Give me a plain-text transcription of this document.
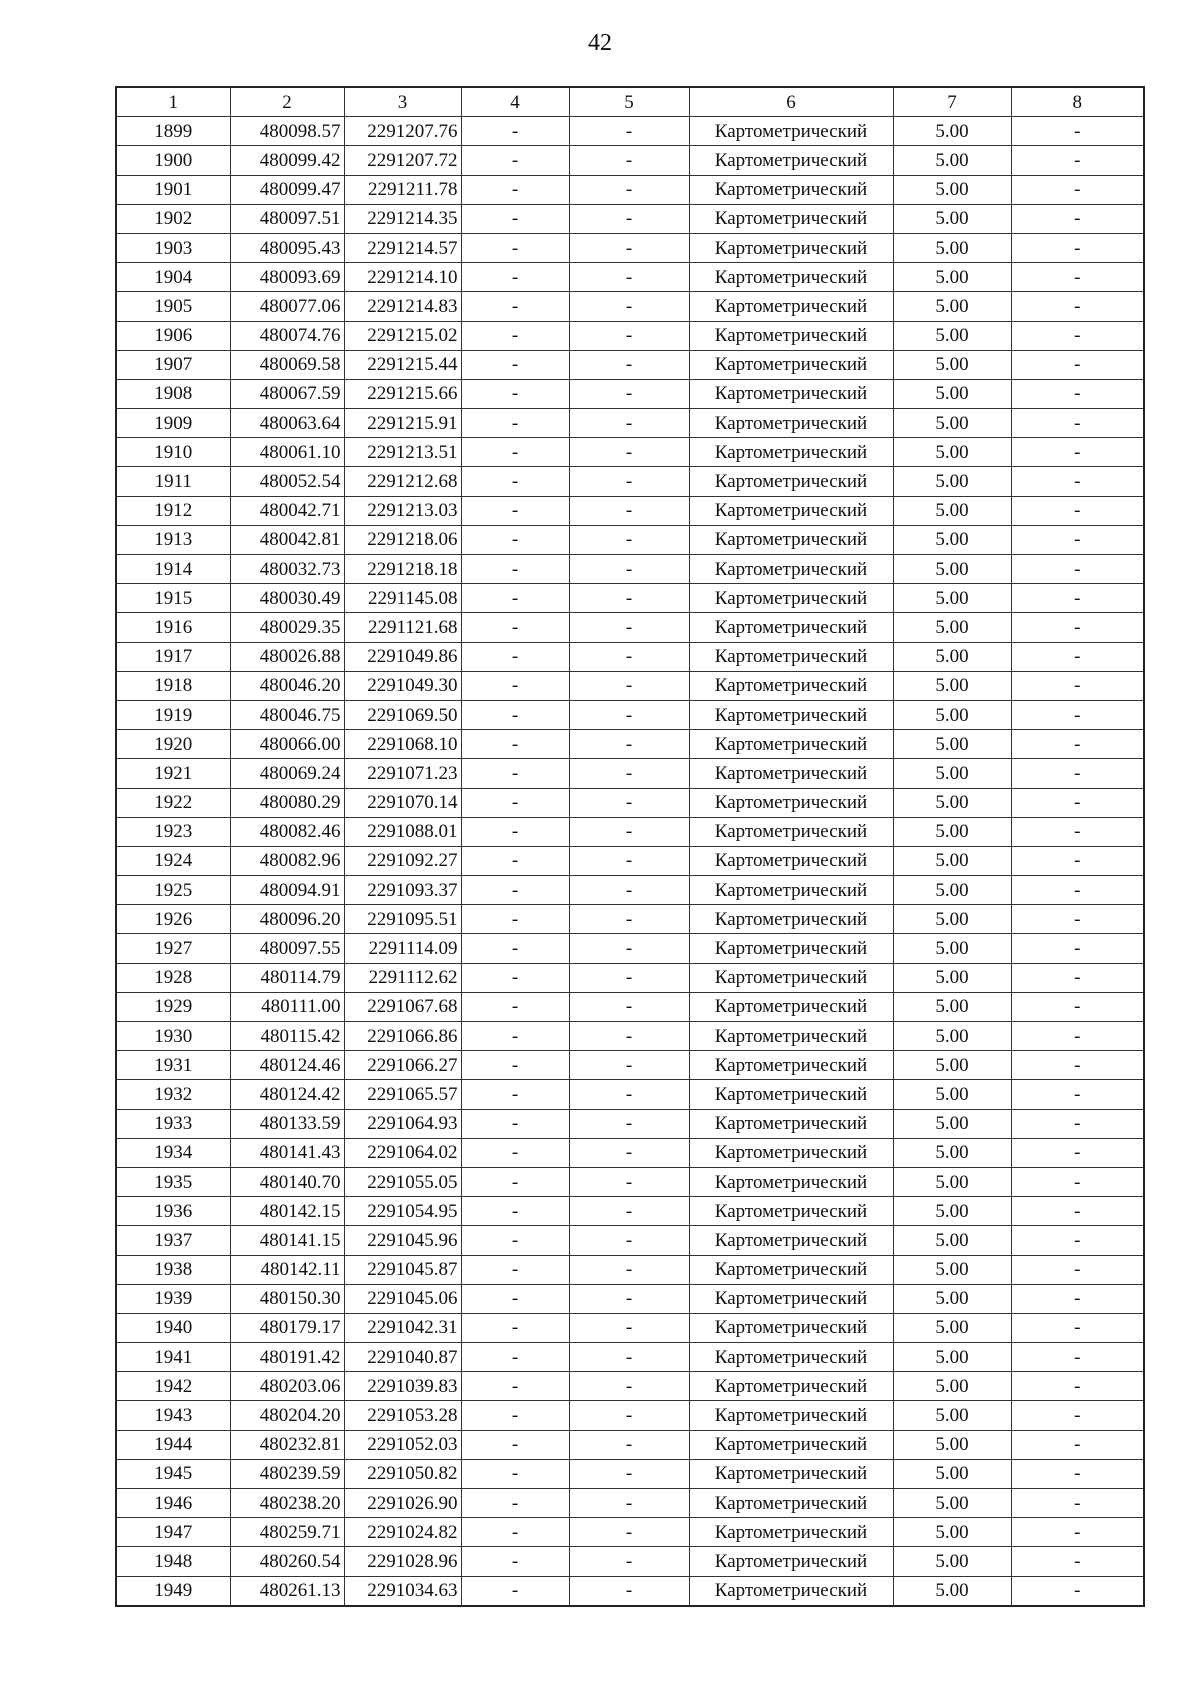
42
1	2	3	4	5	6	7	8
1899	480098.57	2291207.76	-	-	Картометрический	5.00	-
1900	480099.42	2291207.72	-	-	Картометрический	5.00	-
1901	480099.47	2291211.78	-	-	Картометрический	5.00	-
1902	480097.51	2291214.35	-	-	Картометрический	5.00	-
1903	480095.43	2291214.57	-	-	Картометрический	5.00	-
1904	480093.69	2291214.10	-	-	Картометрический	5.00	-
1905	480077.06	2291214.83	-	-	Картометрический	5.00	-
1906	480074.76	2291215.02	-	-	Картометрический	5.00	-
1907	480069.58	2291215.44	-	-	Картометрический	5.00	-
1908	480067.59	2291215.66	-	-	Картометрический	5.00	-
1909	480063.64	2291215.91	-	-	Картометрический	5.00	-
1910	480061.10	2291213.51	-	-	Картометрический	5.00	-
1911	480052.54	2291212.68	-	-	Картометрический	5.00	-
1912	480042.71	2291213.03	-	-	Картометрический	5.00	-
1913	480042.81	2291218.06	-	-	Картометрический	5.00	-
1914	480032.73	2291218.18	-	-	Картометрический	5.00	-
1915	480030.49	2291145.08	-	-	Картометрический	5.00	-
1916	480029.35	2291121.68	-	-	Картометрический	5.00	-
1917	480026.88	2291049.86	-	-	Картометрический	5.00	-
1918	480046.20	2291049.30	-	-	Картометрический	5.00	-
1919	480046.75	2291069.50	-	-	Картометрический	5.00	-
1920	480066.00	2291068.10	-	-	Картометрический	5.00	-
1921	480069.24	2291071.23	-	-	Картометрический	5.00	-
1922	480080.29	2291070.14	-	-	Картометрический	5.00	-
1923	480082.46	2291088.01	-	-	Картометрический	5.00	-
1924	480082.96	2291092.27	-	-	Картометрический	5.00	-
1925	480094.91	2291093.37	-	-	Картометрический	5.00	-
1926	480096.20	2291095.51	-	-	Картометрический	5.00	-
1927	480097.55	2291114.09	-	-	Картометрический	5.00	-
1928	480114.79	2291112.62	-	-	Картометрический	5.00	-
1929	480111.00	2291067.68	-	-	Картометрический	5.00	-
1930	480115.42	2291066.86	-	-	Картометрический	5.00	-
1931	480124.46	2291066.27	-	-	Картометрический	5.00	-
1932	480124.42	2291065.57	-	-	Картометрический	5.00	-
1933	480133.59	2291064.93	-	-	Картометрический	5.00	-
1934	480141.43	2291064.02	-	-	Картометрический	5.00	-
1935	480140.70	2291055.05	-	-	Картометрический	5.00	-
1936	480142.15	2291054.95	-	-	Картометрический	5.00	-
1937	480141.15	2291045.96	-	-	Картометрический	5.00	-
1938	480142.11	2291045.87	-	-	Картометрический	5.00	-
1939	480150.30	2291045.06	-	-	Картометрический	5.00	-
1940	480179.17	2291042.31	-	-	Картометрический	5.00	-
1941	480191.42	2291040.87	-	-	Картометрический	5.00	-
1942	480203.06	2291039.83	-	-	Картометрический	5.00	-
1943	480204.20	2291053.28	-	-	Картометрический	5.00	-
1944	480232.81	2291052.03	-	-	Картометрический	5.00	-
1945	480239.59	2291050.82	-	-	Картометрический	5.00	-
1946	480238.20	2291026.90	-	-	Картометрический	5.00	-
1947	480259.71	2291024.82	-	-	Картометрический	5.00	-
1948	480260.54	2291028.96	-	-	Картометрический	5.00	-
1949	480261.13	2291034.63	-	-	Картометрический	5.00	-
